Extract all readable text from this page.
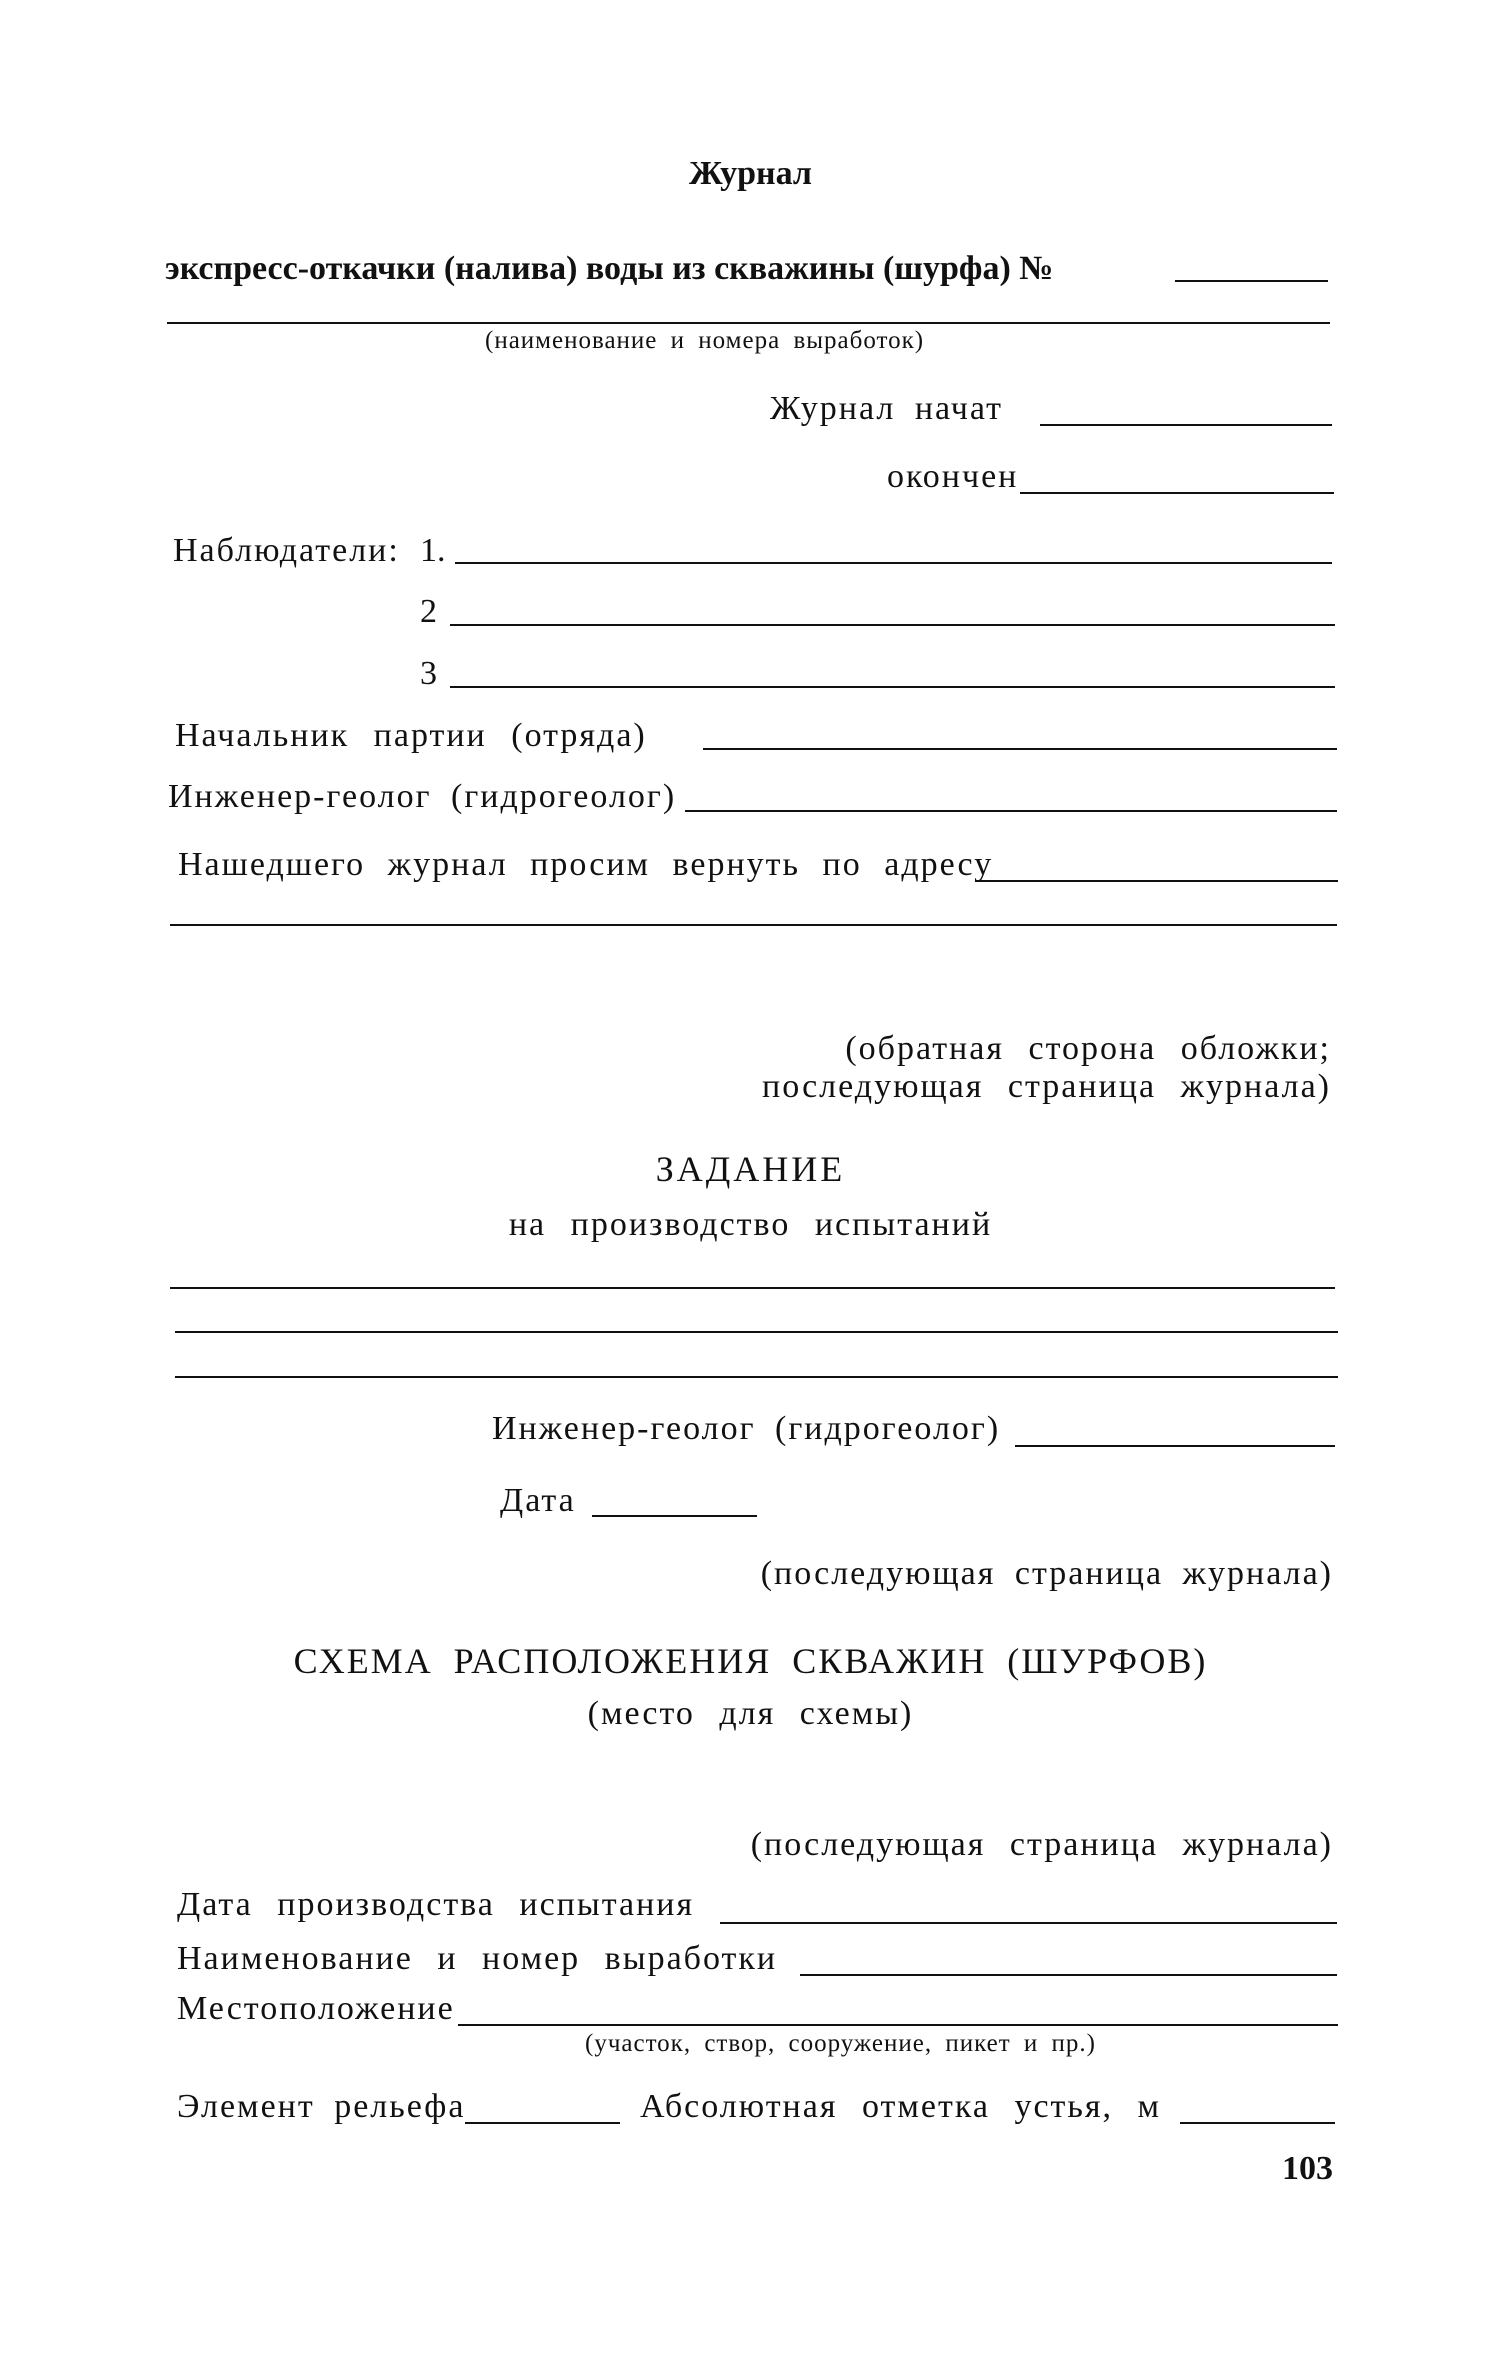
Журнал
экспресс-откачки (налива) воды из скважины (шурфа) №
(наименование и номера выработок)
Журнал начат
окончен
Наблюдатели: 1.
2
3
Начальник партии (отряда)
Инженер-геолог (гидрогеолог)
Нашедшего журнал просим вернуть по адресу
(обратная сторона обложки;
последующая страница журнала)
ЗАДАНИЕ
на производство испытаний
Инженер-геолог (гидрогеолог)
Дата
(последующая страница журнала)
СХЕМА РАСПОЛОЖЕНИЯ СКВАЖИН (ШУРФОВ)
(место для схемы)
(последующая страница журнала)
Дата производства испытания
Наименование и номер выработки
Местоположение
(участок, створ, сооружение, пикет и пр.)
Элемент рельефа	Абсолютная отметка устья, м
103
